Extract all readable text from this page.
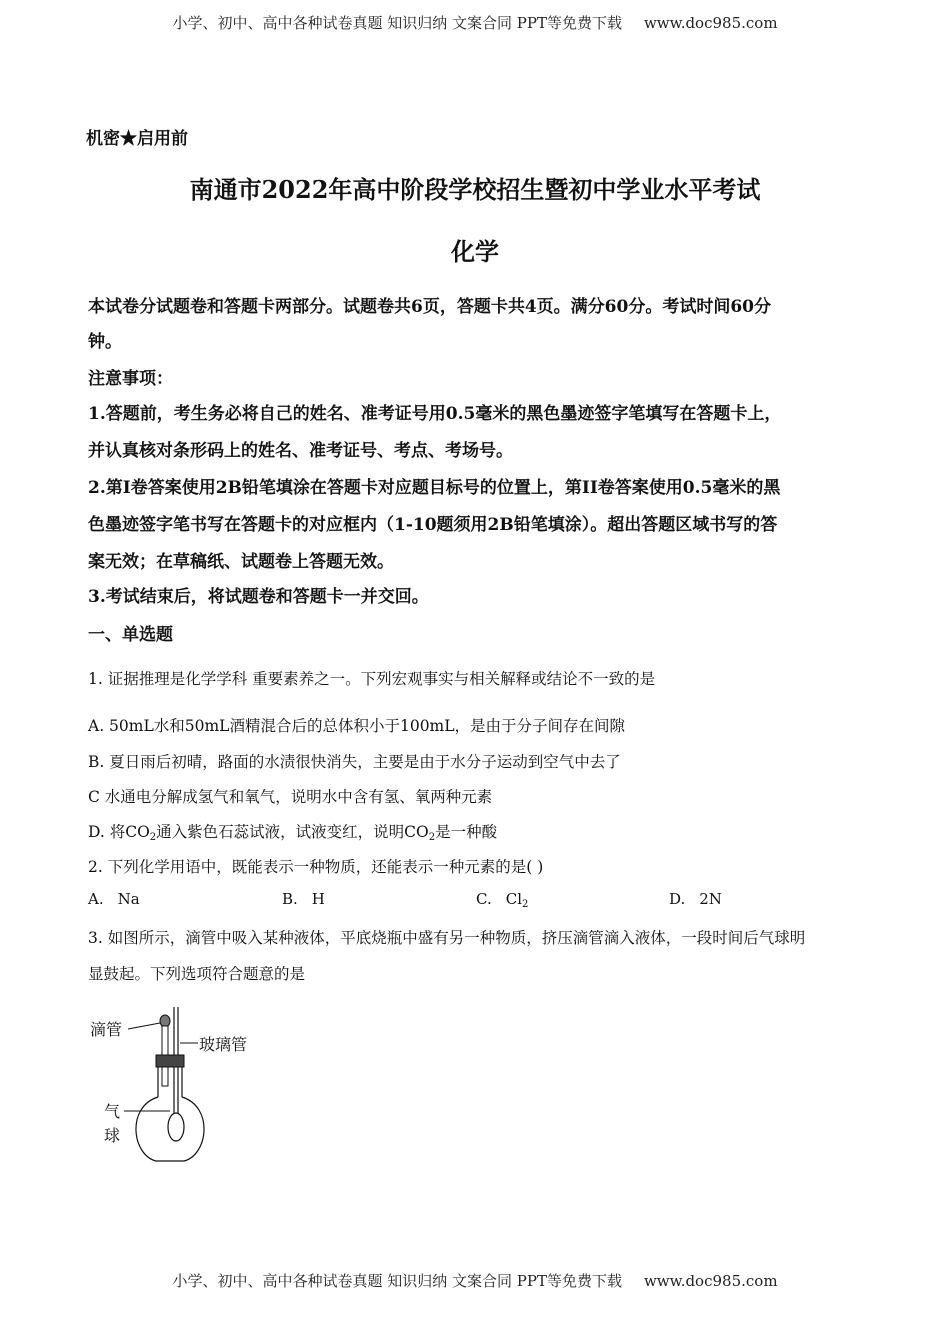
小学、初中、高中各种试卷真题 知识归纳 文案合同 PPT等免费下载 www.doc985.com
机密★启用前
南通市2022年高中阶段学校招生暨初中学业水平考试
化学
本试卷分试题卷和答题卡两部分。试题卷共6页，答题卡共4页。满分60分。考试时间60分
钟。
注意事项：
1.答题前，考生务必将自己的姓名、准考证号用0.5毫米的黑色墨迹签字笔填写在答题卡上，
并认真核对条形码上的姓名、准考证号、考点、考场号。
2.第I卷答案使用2B铅笔填涂在答题卡对应题目标号的位置上，第II卷答案使用0.5毫米的黑
色墨迹签字笔书写在答题卡的对应框内（1-10题须用2B铅笔填涂）。超出答题区域书写的答
案无效；在草稿纸、试题卷上答题无效。
3.考试结束后，将试题卷和答题卡一并交回。
一、单选题
1. 证据推理是化学学科 重要素养之一。下列宏观事实与相关解释或结论不一致的是
A. 50mL水和50mL酒精混合后的总体积小于100mL，是由于分子间存在间隙
B. 夏日雨后初晴，路面的水渍很快消失，主要是由于水分子运动到空气中去了
C 水通电分解成氢气和氧气，说明水中含有氢、氧两种元素
D. 将$CO_2$通入紫色石蕊试液，试液变红，说明$CO_2$是一种酸
2. 下列化学用语中，既能表示一种物质，还能表示一种元素的是( )
A. Na	B. H	C. $Cl_2$	D. 2N
3. 如图所示，滴管中吸入某种液体，平底烧瓶中盛有另一种物质，挤压滴管滴入液体，一段时间后气球明
显鼓起。下列选项符合题意的是
滴管
玻璃管
气
球
小学、初中、高中各种试卷真题 知识归纳 文案合同 PPT等免费下载 www.doc985.com
